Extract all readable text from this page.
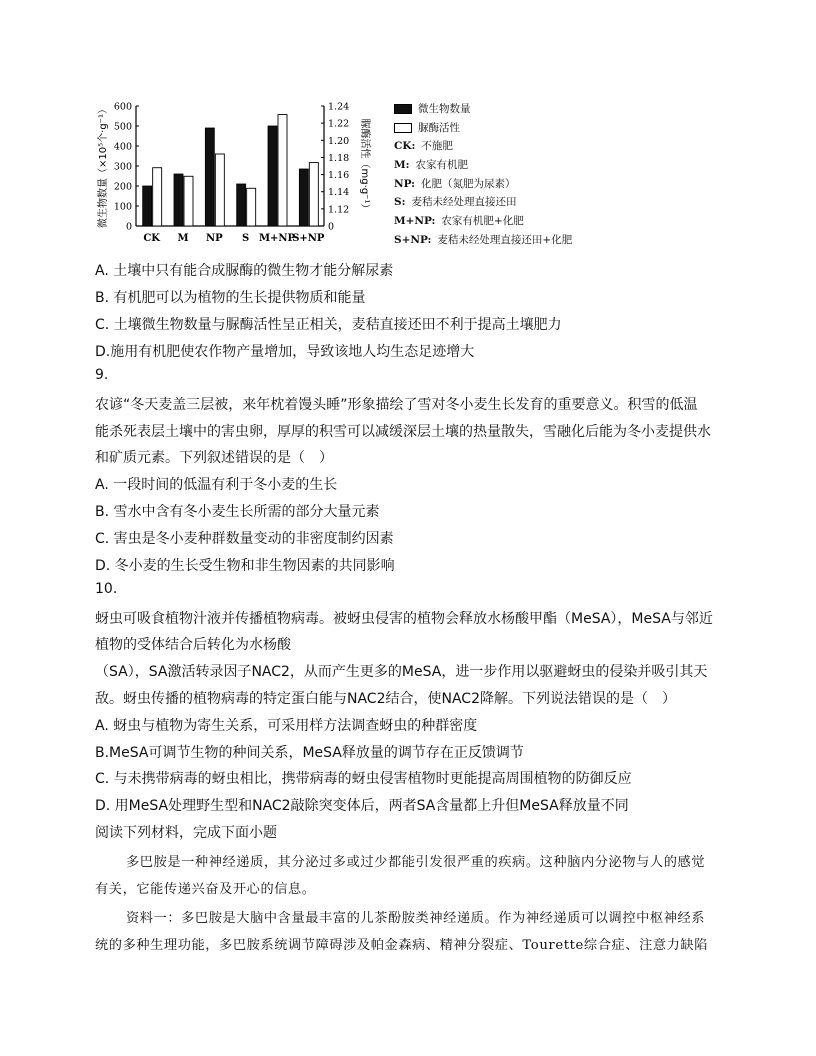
0
100
200
300
400
500
600
0
1.12
1.14
1.16
1.18
1.20
1.22
1.24
微生物数量（×10⁵个·g⁻¹）	脲酶活性（mg·g⁻¹）
CK M NP S M+NP
S+NP
微生物数量
脲酶活性
CK: 不施肥
M: 农家有机肥
NP: 化肥（氮肥为尿素）
S: 麦秸未经处理直接还田
M+NP: 农家有机肥+化肥
S+NP: 麦秸未经处理直接还田+化肥
A. 土壤中只有能合成脲酶的微生物才能分解尿素
B. 有机肥可以为植物的生长提供物质和能量
C. 土壤微生物数量与脲酶活性呈正相关，麦秸直接还田不利于提高土壤肥力
D.施用有机肥使农作物产量增加，导致该地人均生态足迹增大
9.
农谚“冬天麦盖三层被，来年枕着馒头睡”形象描绘了雪对冬小麦生长发育的重要意义。积雪的低温
能杀死表层土壤中的害虫卵，厚厚的积雪可以减缓深层土壤的热量散失，雪融化后能为冬小麦提供水
和矿质元素。下列叙述错误的是（　）
A. 一段时间的低温有利于冬小麦的生长
B. 雪水中含有冬小麦生长所需的部分大量元素
C. 害虫是冬小麦种群数量变动的非密度制约因素
D. 冬小麦的生长受生物和非生物因素的共同影响
10.
蚜虫可吸食植物汁液并传播植物病毒。被蚜虫侵害的植物会释放水杨酸甲酯（MeSA），MeSA与邻近
植物的受体结合后转化为水杨酸
（SA），SA激活转录因子NAC2，从而产生更多的MeSA，进一步作用以驱避蚜虫的侵染并吸引其天
敌。蚜虫传播的植物病毒的特定蛋白能与NAC2结合，使NAC2降解。下列说法错误的是（　）
A. 蚜虫与植物为寄生关系，可采用样方法调查蚜虫的种群密度
B.MeSA可调节生物的种间关系，MeSA释放量的调节存在正反馈调节
C. 与未携带病毒的蚜虫相比，携带病毒的蚜虫侵害植物时更能提高周围植物的防御反应
D. 用MeSA处理野生型和NAC2敲除突变体后，两者SA含量都上升但MeSA释放量不同
阅读下列材料，完成下面小题
多巴胺是一种神经递质，其分泌过多或过少都能引发很严重的疾病。这种脑内分泌物与人的感觉
有关，它能传递兴奋及开心的信息。
资料一：多巴胺是大脑中含量最丰富的儿茶酚胺类神经递质。作为神经递质可以调控中枢神经系
统的多种生理功能，多巴胺系统调节障碍涉及帕金森病、精神分裂症、Tourette综合症、注意力缺陷
